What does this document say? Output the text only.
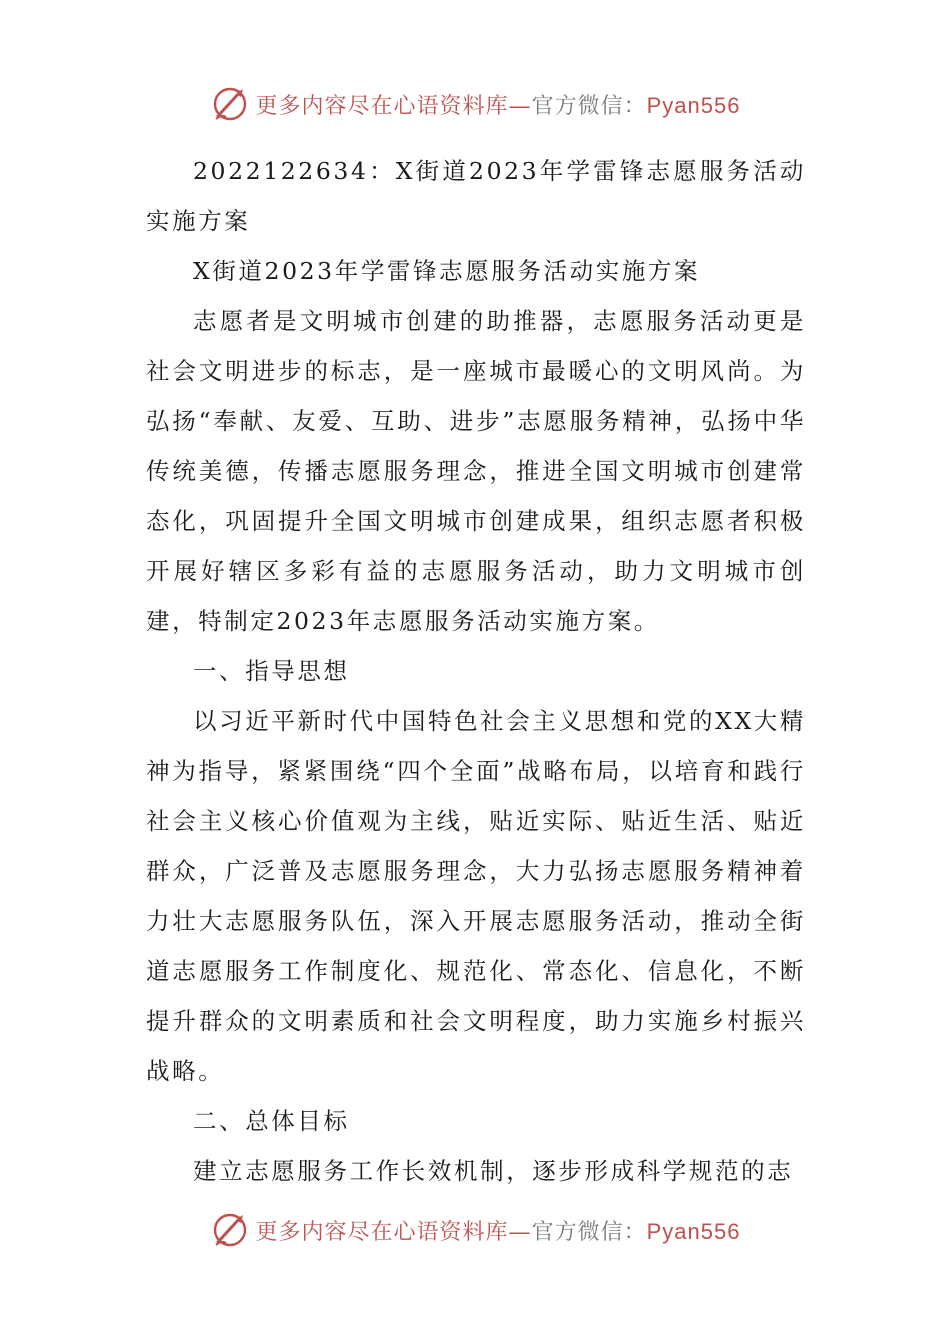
更多内容尽在心语资料库—官方微信：Pyan556

2022122634：X街道2023年学雷锋志愿服务活动实施方案

X街道2023年学雷锋志愿服务活动实施方案

志愿者是文明城市创建的助推器，志愿服务活动更是社会文明进步的标志，是一座城市最暖心的文明风尚。为弘扬“奉献、友爱、互助、进步”志愿服务精神，弘扬中华传统美德，传播志愿服务理念，推进全国文明城市创建常态化，巩固提升全国文明城市创建成果，组织志愿者积极开展好辖区多彩有益的志愿服务活动，助力文明城市创建，特制定2023年志愿服务活动实施方案。

一、指导思想

以习近平新时代中国特色社会主义思想和党的XX大精神为指导，紧紧围绕“四个全面”战略布局，以培育和践行社会主义核心价值观为主线，贴近实际、贴近生活、贴近群众，广泛普及志愿服务理念，大力弘扬志愿服务精神着力壮大志愿服务队伍，深入开展志愿服务活动，推动全街道志愿服务工作制度化、规范化、常态化、信息化，不断提升群众的文明素质和社会文明程度，助力实施乡村振兴战略。

二、总体目标

建立志愿服务工作长效机制，逐步形成科学规范的志

更多内容尽在心语资料库—官方微信：Pyan556
